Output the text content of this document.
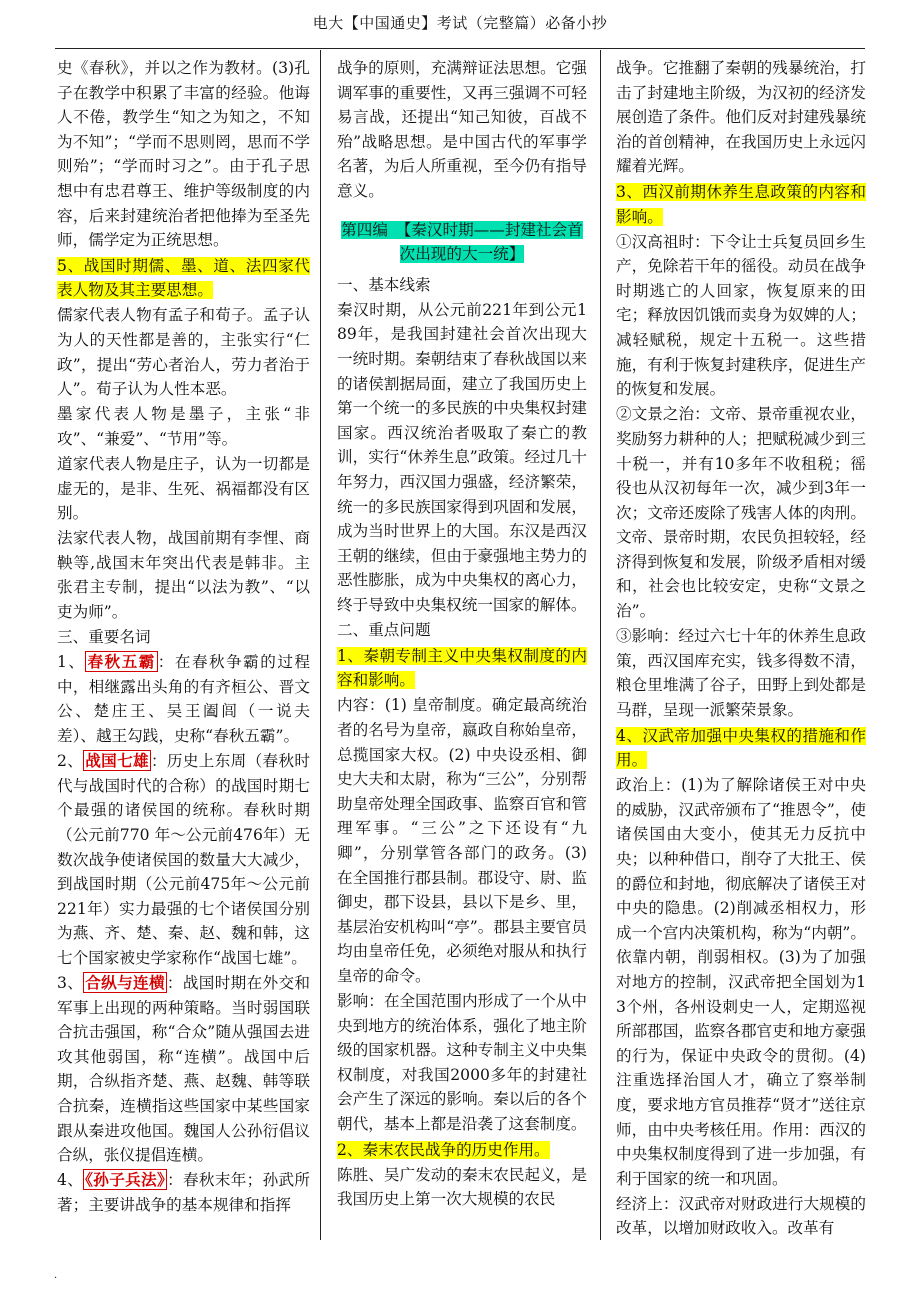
电大【中国通史】考试（完整篇）必备小抄

史《春秋》，并以之作为教材。(3)孔子在教学中积累了丰富的经验。他诲人不倦，教学生“知之为知之，不知为不知”；“学而不思则罔，思而不学则殆”；“学而时习之”。由于孔子思想中有忠君尊王、维护等级制度的内容，后来封建统治者把他捧为至圣先师，儒学定为正统思想。

5、战国时期儒、墨、道、法四家代表人物及其主要思想。

儒家代表人物有孟子和荀子。孟子认为人的天性都是善的，主张实行“仁政”，提出“劳心者治人，劳力者治于人”。荀子认为人性本恶。

墨家代表人物是墨子，主张“非攻”、“兼爱”、“节用”等。

道家代表人物是庄子，认为一切都是虚无的，是非、生死、祸福都没有区别。

法家代表人物，战国前期有李悝、商鞅等,战国末年突出代表是韩非。主张君主专制，提出“以法为教”、“以吏为师”。

三、重要名词

1、 春秋五霸 ：在春秋争霸的过程中，相继露出头角的有齐桓公、晋文公、楚庄王、吴王阖闾（一说夫差）、越王勾践，史称“春秋五霸”。

2、 战国七雄 ：历史上东周（春秋时代与战国时代的合称）的战国时期七个最强的诸侯国的统称。春秋时期（公元前770 年～公元前476年）无数次战争使诸侯国的数量大大减少，到战国时期（公元前475年～公元前221年）实力最强的七个诸侯国分别为燕、齐、楚、秦、赵、魏和韩，这七个国家被史学家称作“战国七雄”。

3、 合纵与连横 ：战国时期在外交和军事上出现的两种策略。当时弱国联合抗击强国，称“合众”随从强国去进攻其他弱国，称“连横”。战国中后期，合纵指齐楚、燕、赵魏、韩等联合抗秦，连横指这些国家中某些国家跟从秦进攻他国。魏国人公孙衍倡议合纵，张仪提倡连横。

4、 《孙子兵法》 ：春秋末年；孙武所著；主要讲战争的基本规律和指挥

战争的原则，充满辩证法思想。它强调军事的重要性，又再三强调不可轻易言战，还提出“知己知彼，百战不殆”战略思想。是中国古代的军事学名著，为后人所重视，至今仍有指导意义。

第四编　【秦汉时期——封建社会首次出现的大一统】

一、基本线索

秦汉时期，从公元前221年到公元189年，是我国封建社会首次出现大一统时期。秦朝结束了春秋战国以来的诸侯割据局面，建立了我国历史上第一个统一的多民族的中央集权封建国家。西汉统治者吸取了秦亡的教训，实行“休养生息”政策。经过几十年努力，西汉国力强盛，经济繁荣，统一的多民族国家得到巩固和发展，成为当时世界上的大国。东汉是西汉王朝的继续，但由于豪强地主势力的恶性膨胀，成为中央集权的离心力，终于导致中央集权统一国家的解体。

二、重点问题

1、秦朝专制主义中央集权制度的内容和影响。

内容：(1) 皇帝制度。确定最高统治者的名号为皇帝，嬴政自称始皇帝，总揽国家大权。(2) 中央设丞相、御史大夫和太尉，称为“三公”，分别帮助皇帝处理全国政事、监察百官和管理军事。“三公”之下还设有“九卿”，分别掌管各部门的政务。(3) 在全国推行郡县制。郡设守、尉、监御史，郡下设县，县以下是乡、里，基层治安机构叫“亭”。郡县主要官员均由皇帝任免，必须绝对服从和执行皇帝的命令。

影响：在全国范围内形成了一个从中央到地方的统治体系，强化了地主阶级的国家机器。这种专制主义中央集权制度，对我国2000多年的封建社会产生了深远的影响。秦以后的各个朝代，基本上都是沿袭了这套制度。

2、秦末农民战争的历史作用。

陈胜、吴广发动的秦末农民起义，是我国历史上第一次大规模的农民

战争。它推翻了秦朝的残暴统治，打击了封建地主阶级，为汉初的经济发展创造了条件。他们反对封建残暴统治的首创精神，在我国历史上永远闪耀着光辉。

3、西汉前期休养生息政策的内容和影响。

①汉高祖时：下令让士兵复员回乡生产，免除若干年的徭役。动员在战争时期逃亡的人回家，恢复原来的田宅；释放因饥饿而卖身为奴婢的人；减轻赋税，规定十五税一。这些措施，有利于恢复封建秩序，促进生产的恢复和发展。

②文景之治：文帝、景帝重视农业，奖励努力耕种的人；把赋税减少到三十税一，并有10多年不收租税；徭役也从汉初每年一次，减少到3年一次；文帝还废除了残害人体的肉刑。文帝、景帝时期，农民负担较轻，经济得到恢复和发展，阶级矛盾相对缓和，社会也比较安定，史称“文景之治”。

③影响：经过六七十年的休养生息政策，西汉国库充实，钱多得数不清，粮仓里堆满了谷子，田野上到处都是马群，呈现一派繁荣景象。

4、汉武帝加强中央集权的措施和作用。

政治上：(1)为了解除诸侯王对中央的威胁，汉武帝颁布了“推恩令”，使诸侯国由大变小，使其无力反抗中央；以种种借口，削夺了大批王、侯的爵位和封地，彻底解决了诸侯王对中央的隐患。(2)削减丞相权力，形成一个宫内决策机构，称为“内朝”。依靠内朝，削弱相权。(3)为了加强对地方的控制，汉武帝把全国划为13个州，各州设刺史一人，定期巡视所部郡国，监察各郡官吏和地方豪强的行为，保证中央政令的贯彻。(4)注重选择治国人才，确立了察举制度，要求地方官员推荐“贤才”送往京师，由中央考核任用。作用：西汉的中央集权制度得到了进一步加强，有利于国家的统一和巩固。

经济上：汉武帝对财政进行大规模的改革，以增加财政收入。改革有

.
